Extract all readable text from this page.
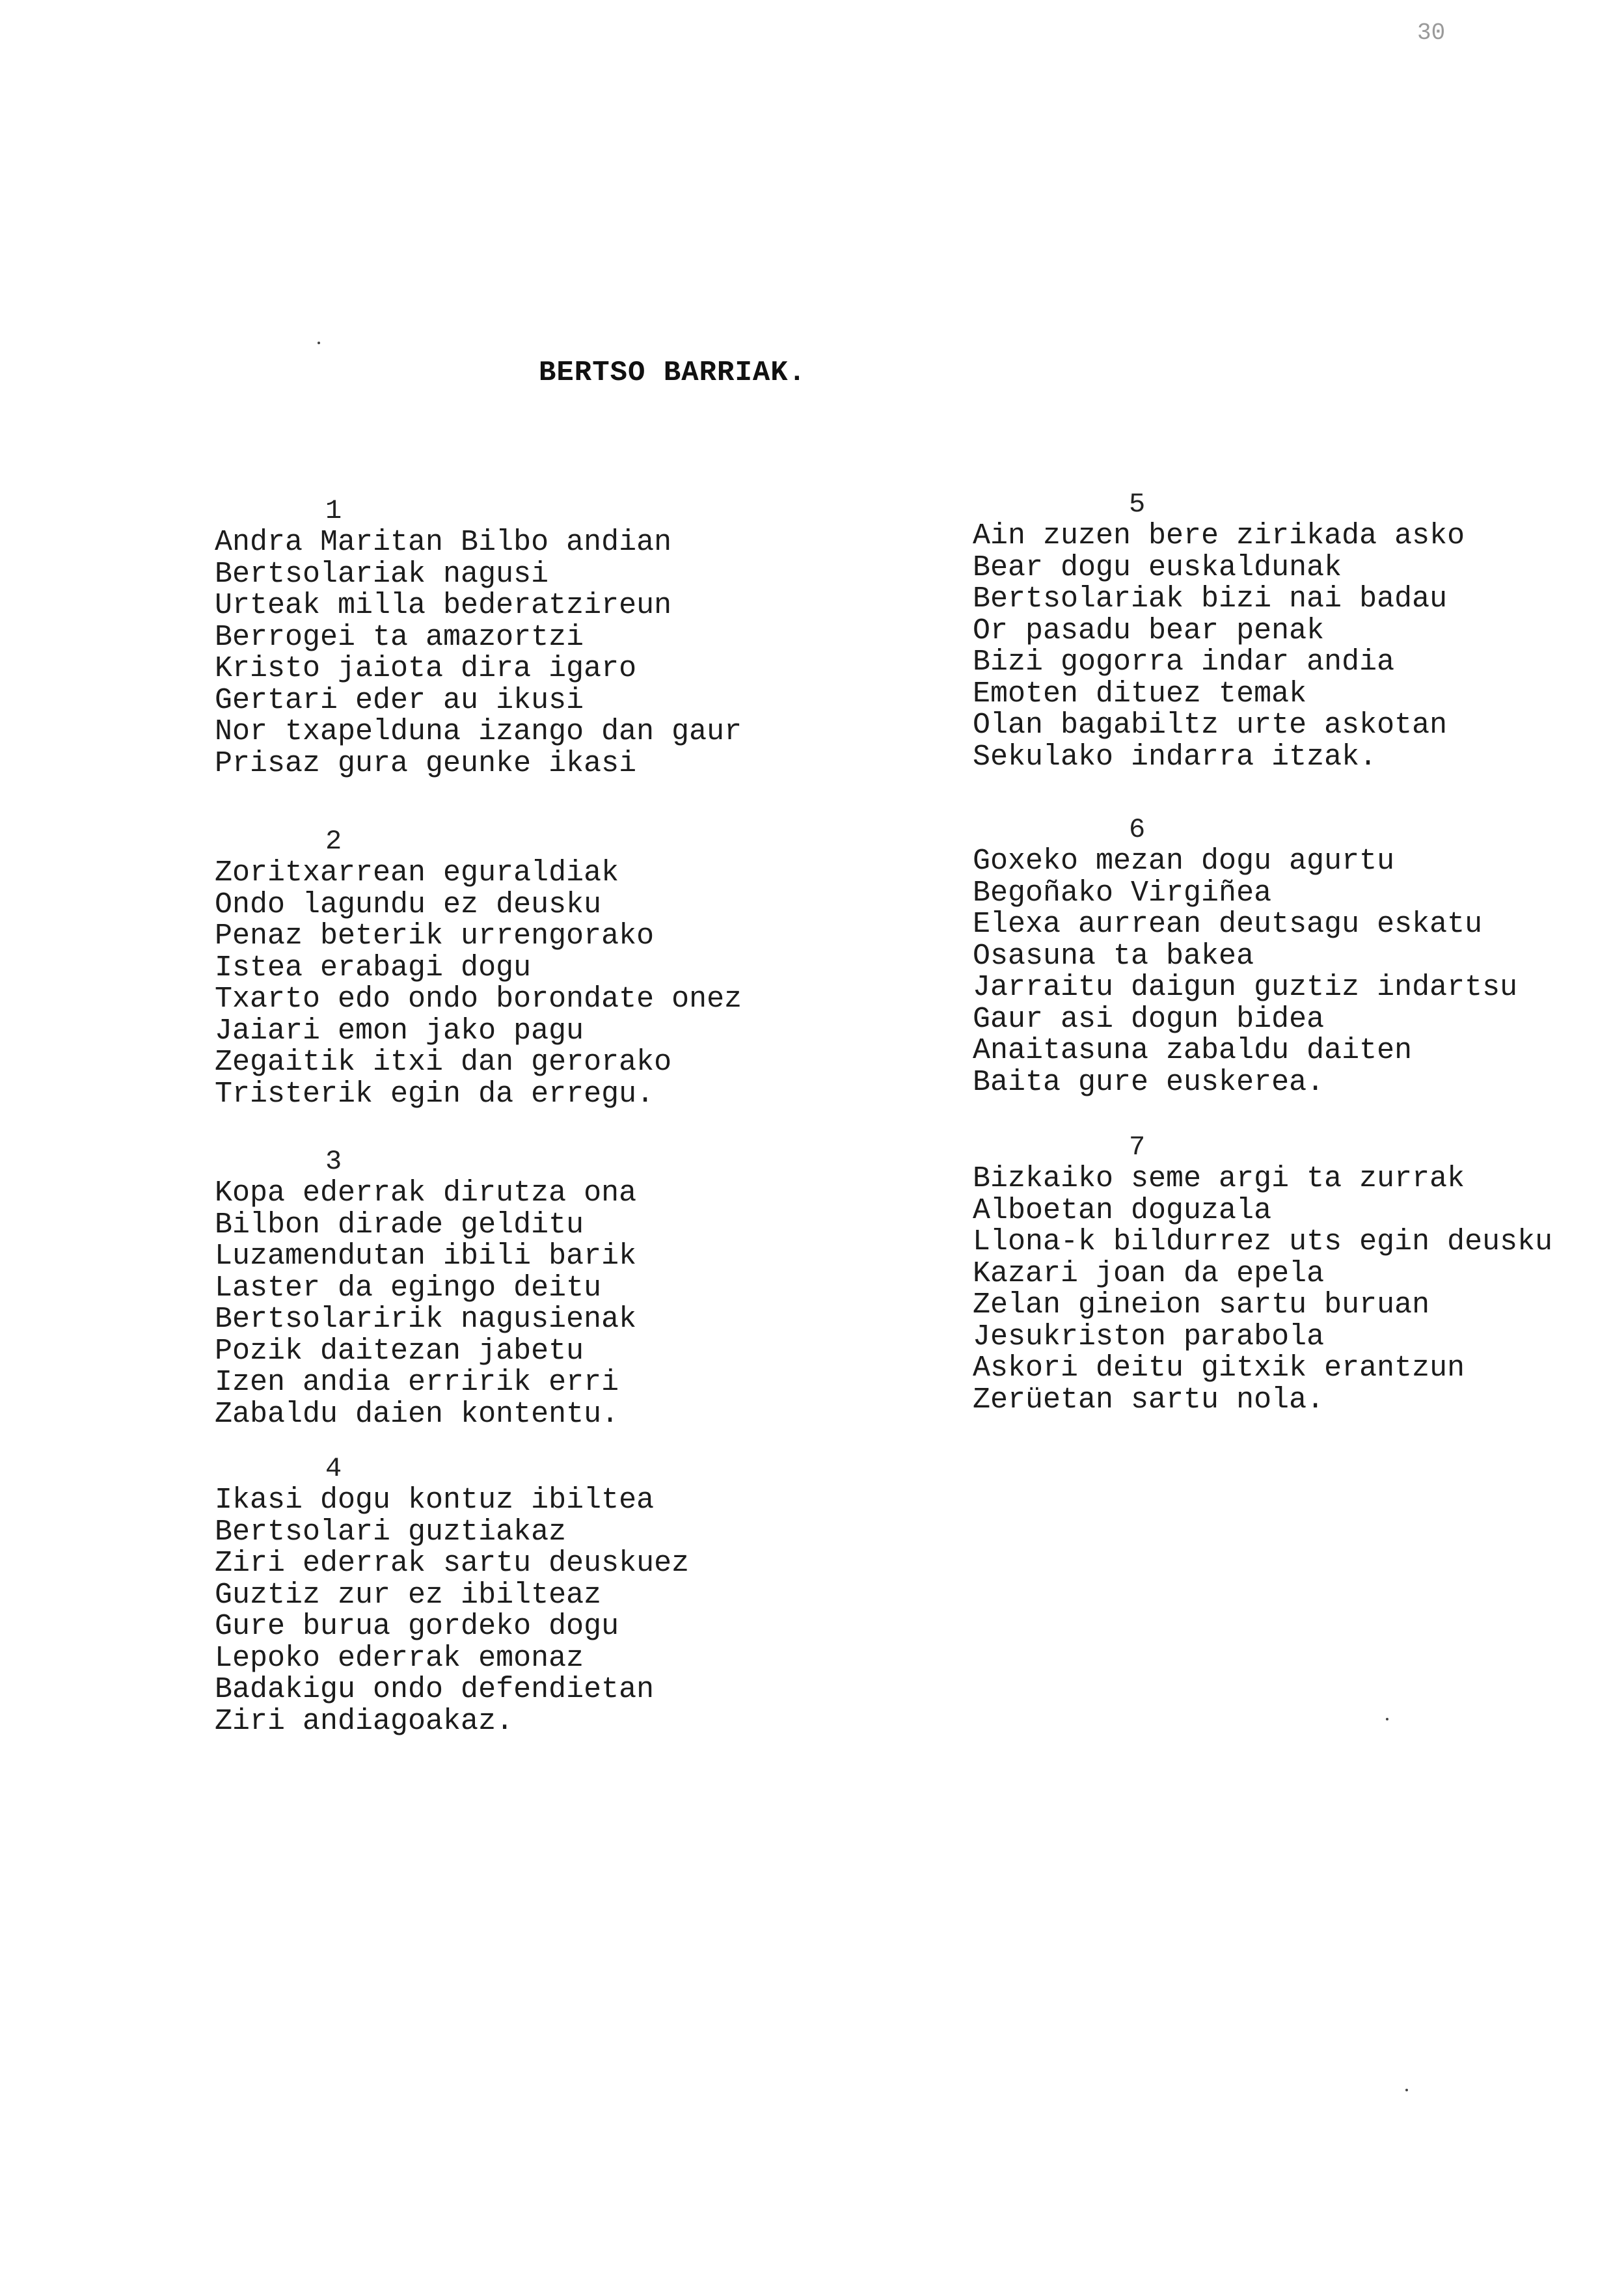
30
BERTSO BARRIAK.
1
Andra Maritan Bilbo andian
Bertsolariak nagusi
Urteak milla bederatzireun
Berrogei ta amazortzi
Kristo jaiota dira igaro
Gertari eder au ikusi
Nor txapelduna izango dan gaur
Prisaz gura geunke ikasi
2
Zoritxarrean eguraldiak
Ondo lagundu ez deusku
Penaz beterik urrengorako
Istea erabagi dogu
Txarto edo ondo borondate onez
Jaiari emon jako pagu
Zegaitik itxi dan gerorako
Tristerik egin da erregu.
3
Kopa ederrak dirutza ona
Bilbon dirade gelditu
Luzamendutan ibili barik
Laster da egingo deitu
Bertsolaririk nagusienak
Pozik daitezan jabetu
Izen andia erririk erri
Zabaldu daien kontentu.
4
Ikasi dogu kontuz ibiltea
Bertsolari guztiakaz
Ziri ederrak sartu deuskuez
Guztiz zur ez ibilteaz
Gure burua gordeko dogu
Lepoko ederrak emonaz
Badakigu ondo defendietan
Ziri andiagoakaz.
5
Ain zuzen bere zirikada asko
Bear dogu euskaldunak
Bertsolariak bizi nai badau
Or pasadu bear penak
Bizi gogorra indar andia
Emoten dituez temak
Olan bagabiltz urte askotan
Sekulako indarra itzak.
6
Goxeko mezan dogu agurtu
Begoñako Virgiñea
Elexa aurrean deutsagu eskatu
Osasuna ta bakea
Jarraitu daigun guztiz indartsu
Gaur asi dogun bidea
Anaitasuna zabaldu daiten
Baita gure euskerea.
7
Bizkaiko seme argi ta zurrak
Alboetan doguzala
Llona-k bildurrez uts egin deusku
Kazari joan da epela
Zelan gineion sartu buruan
Jesukriston parabola
Askori deitu gitxik erantzun
Zerüetan sartu nola.
